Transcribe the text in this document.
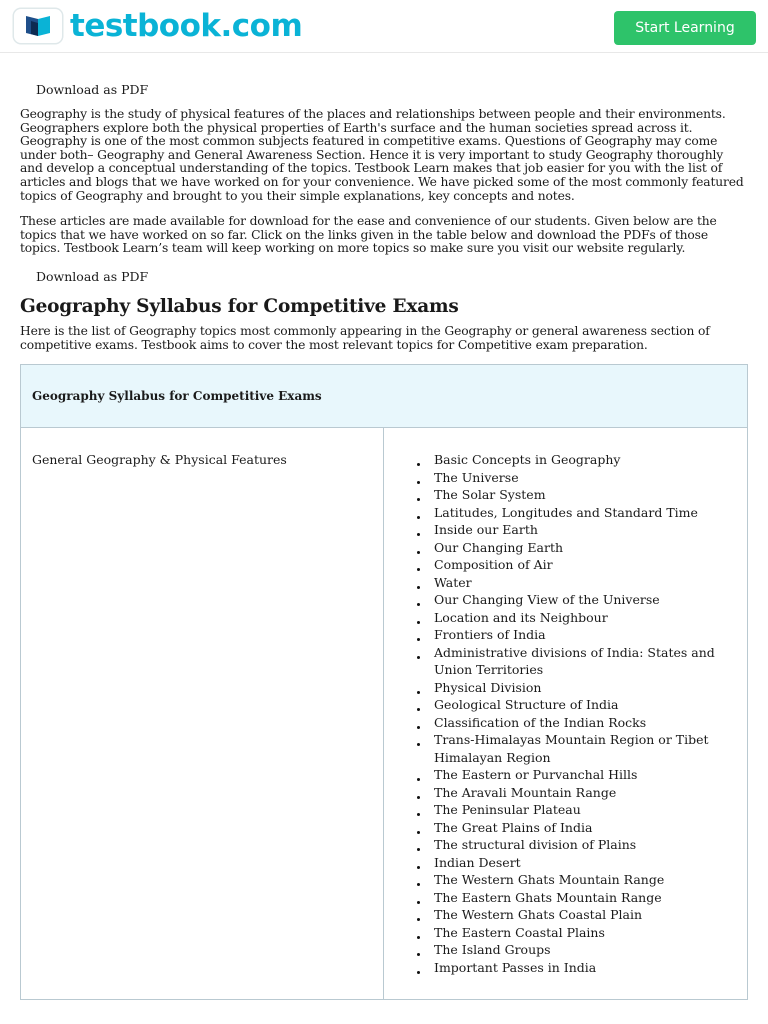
testbook.com	Start Learning
Download as PDF

Geography is the study of physical features of the places and relationships between people and their environments. Geographers explore both the physical properties of Earth's surface and the human societies spread across it. Geography is one of the most common subjects featured in competitive exams. Questions of Geography may come under both– Geography and General Awareness Section. Hence it is very important to study Geography thoroughly and develop a conceptual understanding of the topics. Testbook Learn makes that job easier for you with the list of articles and blogs that we have worked on for your convenience. We have picked some of the most commonly featured topics of Geography and brought to you their simple explanations, key concepts and notes.

These articles are made available for download for the ease and convenience of our students. Given below are the topics that we have worked on so far. Click on the links given in the table below and download the PDFs of those topics. Testbook Learn’s team will keep working on more topics so make sure you visit our website regularly.

Download as PDF
Geography Syllabus for Competitive Exams

Here is the list of Geography topics most commonly appearing in the Geography or general awareness section of competitive exams. Testbook aims to cover the most relevant topics for Competitive exam preparation.

Geography Syllabus for Competitive Exams
General Geography & Physical Features	Basic Concepts in Geography
The Universe
The Solar System
Latitudes, Longitudes and Standard Time
Inside our Earth
Our Changing Earth
Composition of Air
Water
Our Changing View of the Universe
Location and its Neighbour
Frontiers of India
Administrative divisions of India: States and Union Territories
Physical Division
Geological Structure of India
Classification of the Indian Rocks
Trans-Himalayas Mountain Region or Tibet Himalayan Region
The Eastern or Purvanchal Hills
The Aravali Mountain Range
The Peninsular Plateau
The Great Plains of India
The structural division of Plains
Indian Desert
The Western Ghats Mountain Range
The Eastern Ghats Mountain Range
The Western Ghats Coastal Plain
The Eastern Coastal Plains
The Island Groups
Important Passes in India
